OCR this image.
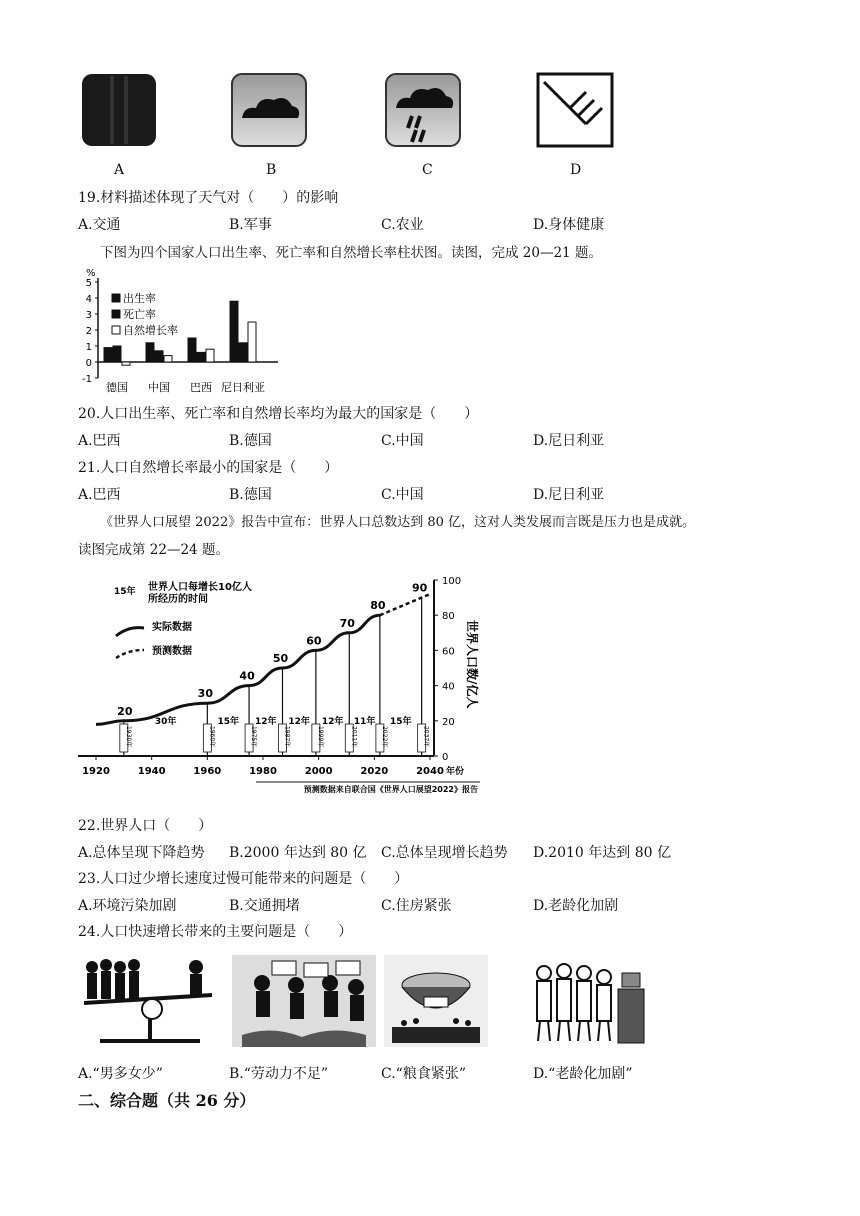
A	B	C	D
19.材料描述体现了天气对（　　）的影响
A.交通	B.军事	C.农业	D.身体健康
下图为四个国家人口出生率、死亡率和自然增长率柱状图。读图，完成 20—21 题。
%
5
4
3
2
1
0
-1
德国 中国 巴西 尼日利亚
出生率
死亡率
自然增长率
20.人口出生率、死亡率和自然增长率均为最大的国家是（　　）
A.巴西	B.德国	C.中国	D.尼日利亚
21.人口自然增长率最小的国家是（　　）
A.巴西	B.德国	C.中国	D.尼日利亚
《世界人口展望 2022》报告中宣布：世界人口总数达到 80 亿，这对人类发展而言既是压力也是成就。
读图完成第 22—24 题。
1920	1940	1960	1980	2000	2020	2040 年份
0
20
40
60
80
100
世界人口数/亿人
1930年
20
1960年
30
1975年
40
1987年
50
1999年
60
2011年
70
2022年
80
2037年
90
30年	15年 12年 12年 12年 11年 15年
15年 世界人口每增长10亿人
所经历的时间
实际数据
预测数据
预测数据来自联合国《世界人口展望2022》报告
22.世界人口（　　）
A.总体呈现下降趋势 B.2000 年达到 80 亿 C.总体呈现增长趋势 D.2010 年达到 80 亿
23.人口过少增长速度过慢可能带来的问题是（　　）
A.环境污染加剧	B.交通拥堵	C.住房紧张	D.老龄化加剧
24.人口快速增长带来的主要问题是（　　）
A.“男多女少”	B.“劳动力不足”	C.“粮食紧张”	D.“老龄化加剧”
二、综合题（共 26 分）
